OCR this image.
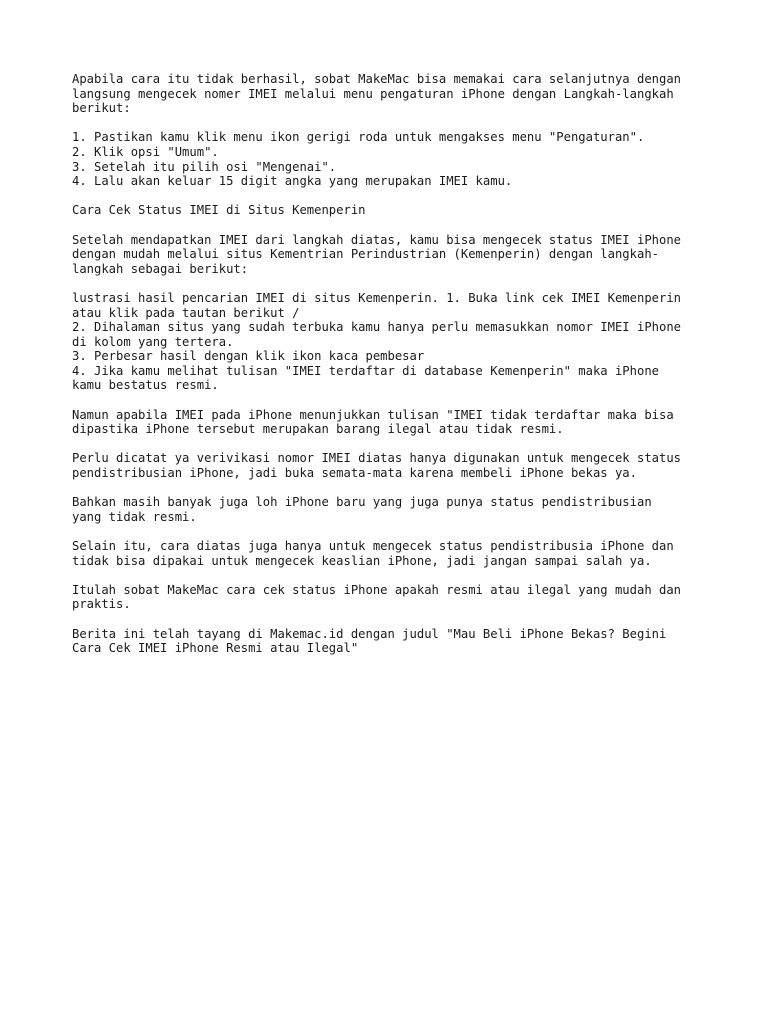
Apabila cara itu tidak berhasil, sobat MakeMac bisa memakai cara selanjutnya dengan
langsung mengecek nomer IMEI melalui menu pengaturan iPhone dengan Langkah-langkah
berikut:
1. Pastikan kamu klik menu ikon gerigi roda untuk mengakses menu "Pengaturan".
2. Klik opsi "Umum".
3. Setelah itu pilih osi "Mengenai".
4. Lalu akan keluar 15 digit angka yang merupakan IMEI kamu.
Cara Cek Status IMEI di Situs Kemenperin
Setelah mendapatkan IMEI dari langkah diatas, kamu bisa mengecek status IMEI iPhone
dengan mudah melalui situs Kementrian Perindustrian (Kemenperin) dengan langkah-
langkah sebagai berikut:
lustrasi hasil pencarian IMEI di situs Kemenperin. 1. Buka link cek IMEI Kemenperin
atau klik pada tautan berikut /
2. Dihalaman situs yang sudah terbuka kamu hanya perlu memasukkan nomor IMEI iPhone
di kolom yang tertera.
3. Perbesar hasil dengan klik ikon kaca pembesar
4. Jika kamu melihat tulisan "IMEI terdaftar di database Kemenperin" maka iPhone
kamu bestatus resmi.
Namun apabila IMEI pada iPhone menunjukkan tulisan "IMEI tidak terdaftar maka bisa
dipastika iPhone tersebut merupakan barang ilegal atau tidak resmi.
Perlu dicatat ya verivikasi nomor IMEI diatas hanya digunakan untuk mengecek status
pendistribusian iPhone, jadi buka semata-mata karena membeli iPhone bekas ya.
Bahkan masih banyak juga loh iPhone baru yang juga punya status pendistribusian
yang tidak resmi.
Selain itu, cara diatas juga hanya untuk mengecek status pendistribusia iPhone dan
tidak bisa dipakai untuk mengecek keaslian iPhone, jadi jangan sampai salah ya.
Itulah sobat MakeMac cara cek status iPhone apakah resmi atau ilegal yang mudah dan
praktis.
Berita ini telah tayang di Makemac.id dengan judul "Mau Beli iPhone Bekas? Begini
Cara Cek IMEI iPhone Resmi atau Ilegal"
